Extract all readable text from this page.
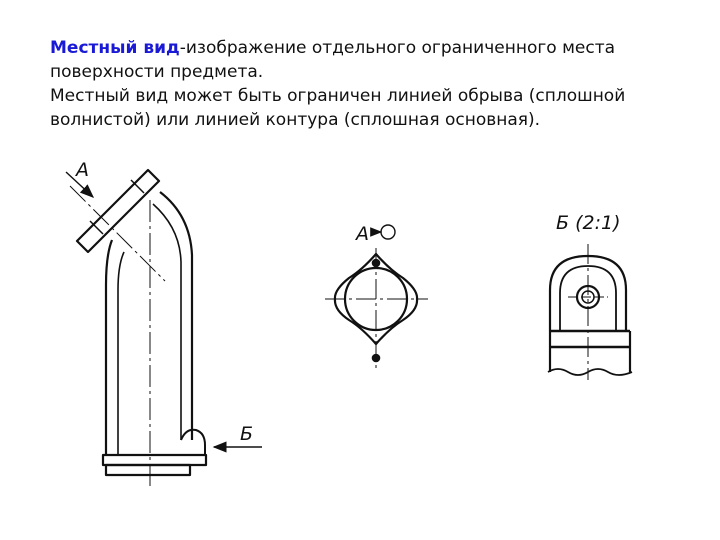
Местный вид-изображение отдельного ограниченного места поверхности предмета.
Местный вид может быть ограничен линией обрыва (сплошной волнистой) или линией контура (сплошная основная).
А
Б
А	Б (2:1)
